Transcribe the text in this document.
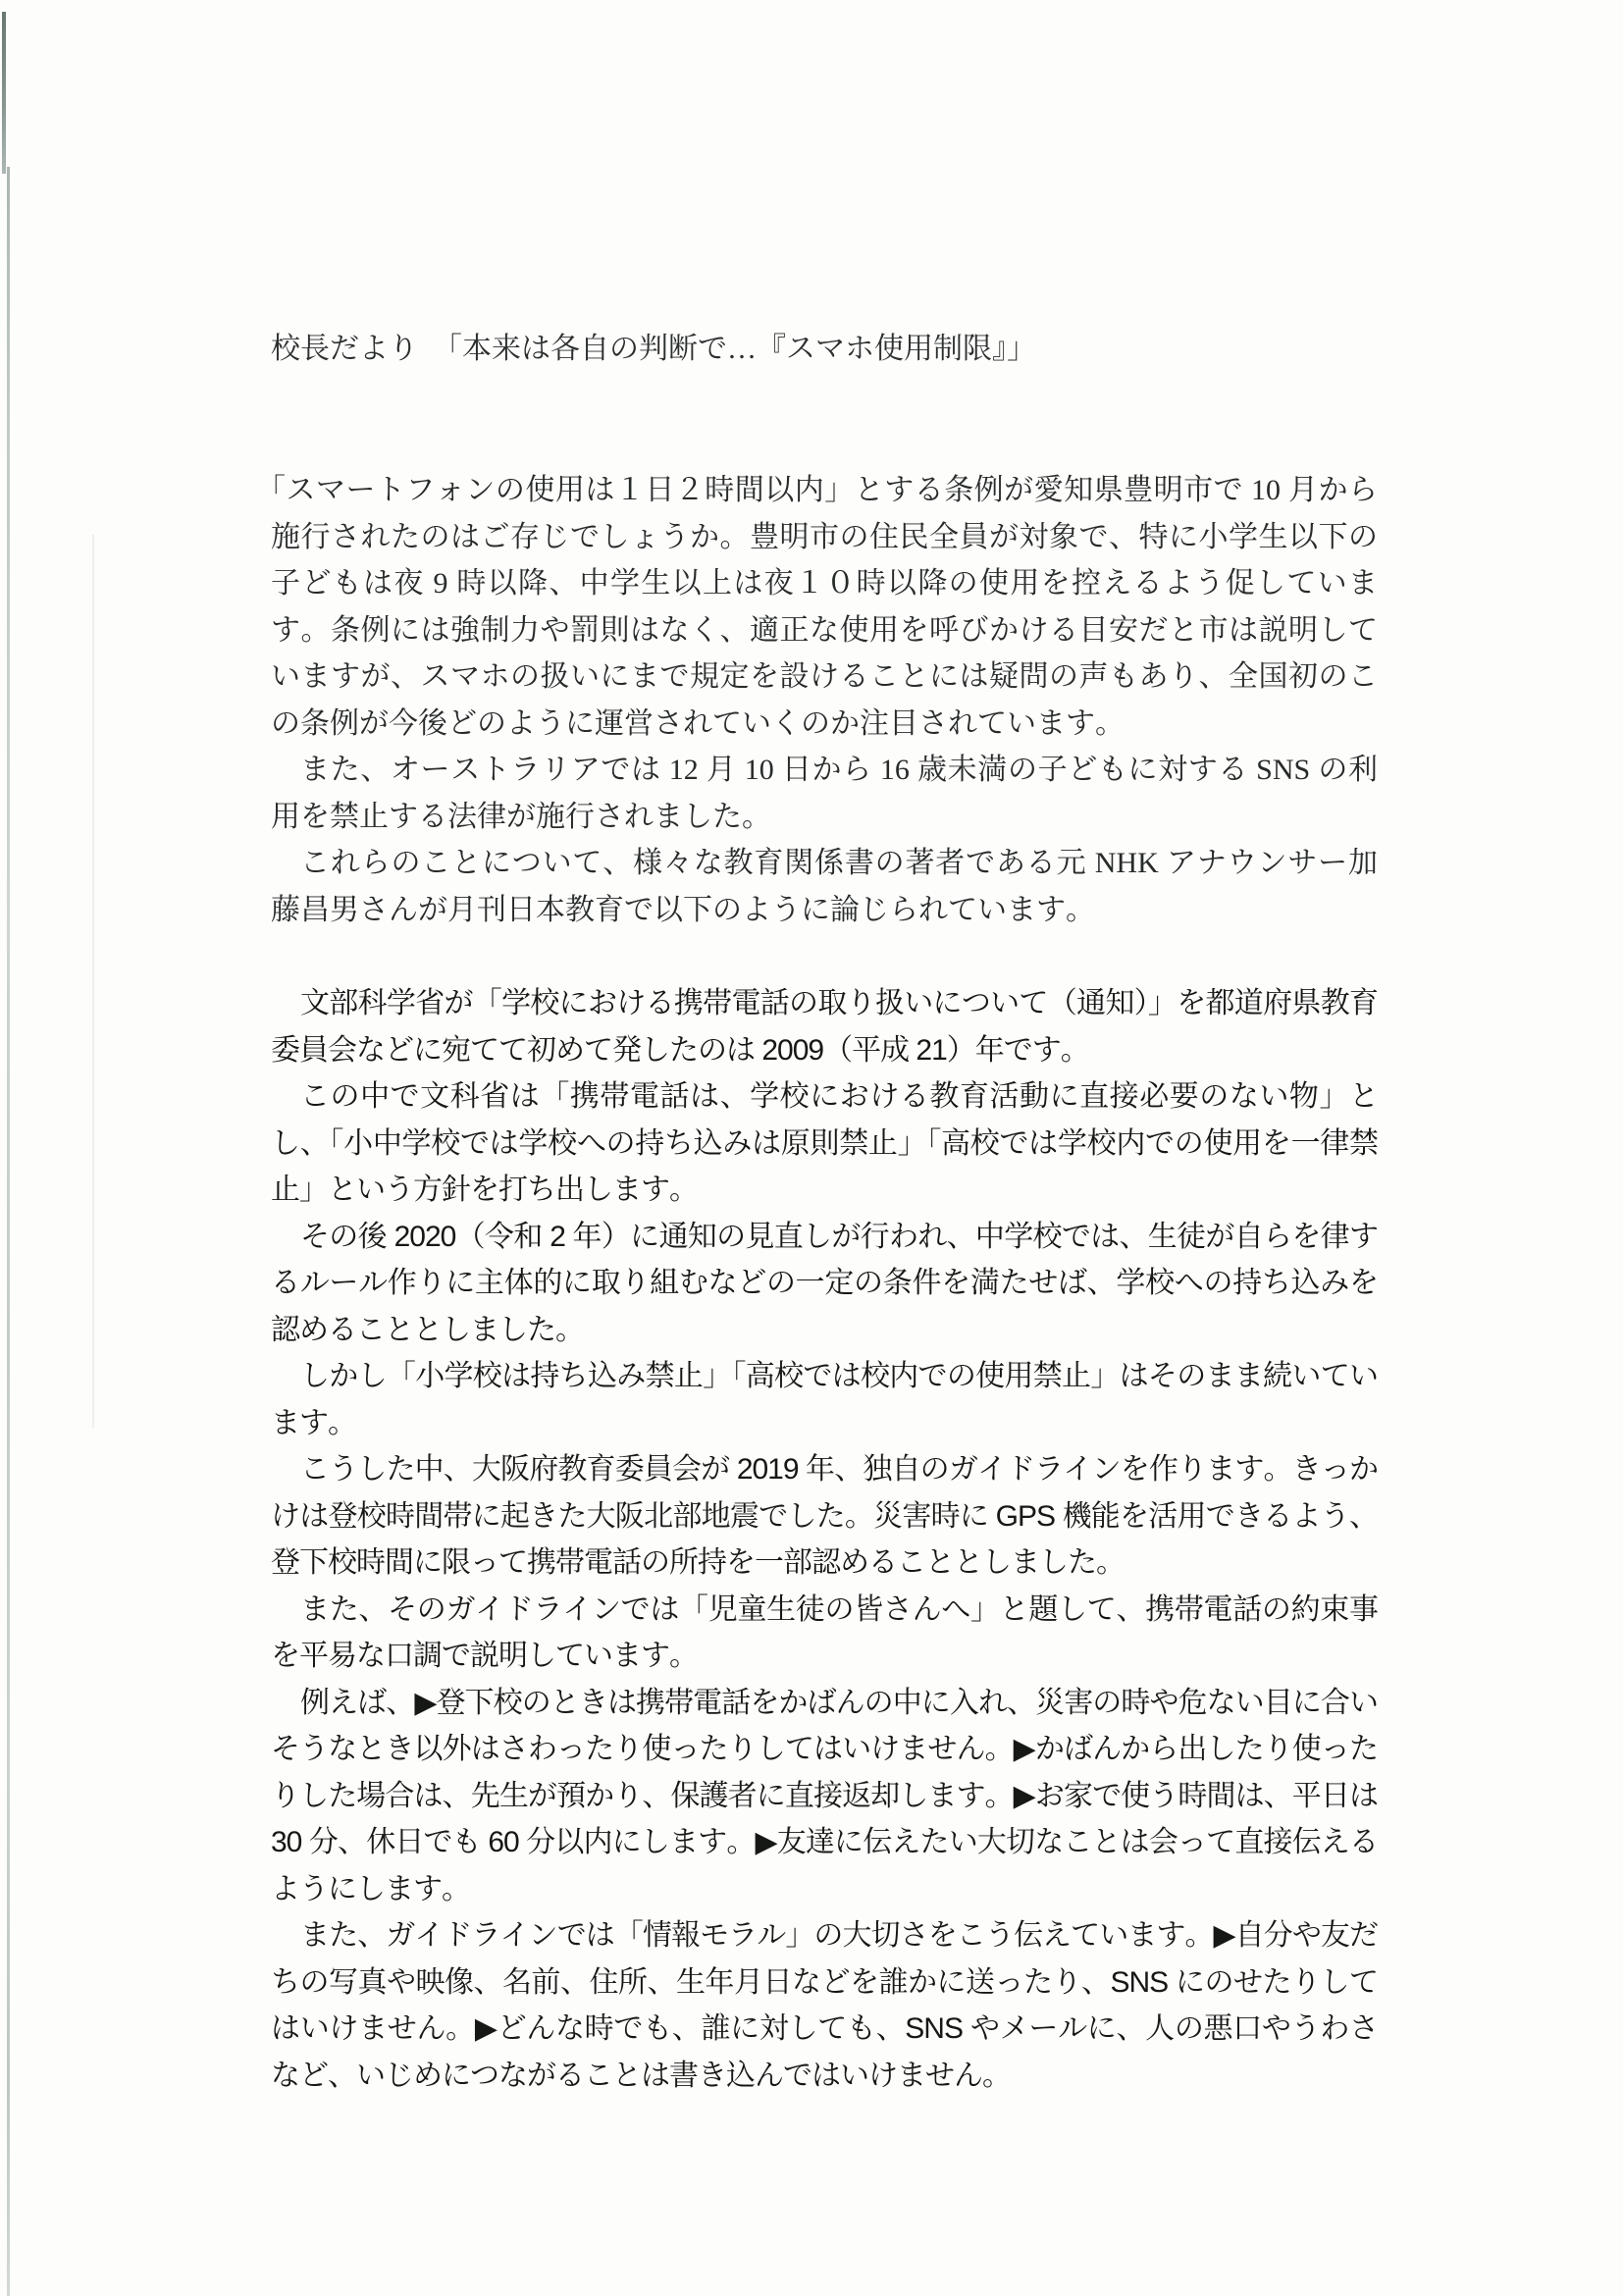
校長だより　「本来は各自の判断で…『スマホ使用制限』」

「スマートフォンの使用は１日２時間以内」とする条例が愛知県豊明市で 10 月から施行されたのはご存じでしょうか。豊明市の住民全員が対象で、特に小学生以下の子どもは夜 9 時以降、中学生以上は夜１０時以降の使用を控えるよう促しています。条例には強制力や罰則はなく、適正な使用を呼びかける目安だと市は説明していますが、スマホの扱いにまで規定を設けることには疑問の声もあり、全国初のこの条例が今後どのように運営されていくのか注目されています。

また、オーストラリアでは 12 月 10 日から 16 歳未満の子どもに対する SNS の利用を禁止する法律が施行されました。

これらのことについて、様々な教育関係書の著者である元 NHK アナウンサー加藤昌男さんが月刊日本教育で以下のように論じられています。

文部科学省が「学校における携帯電話の取り扱いについて（通知）」を都道府県教育委員会などに宛てて初めて発したのは 2009（平成 21）年です。

この中で文科省は「携帯電話は、学校における教育活動に直接必要のない物」とし、「小中学校では学校への持ち込みは原則禁止」「高校では学校内での使用を一律禁止」という方針を打ち出します。

その後 2020（令和 2 年）に通知の見直しが行われ、中学校では、生徒が自らを律するルール作りに主体的に取り組むなどの一定の条件を満たせば、学校への持ち込みを認めることとしました。

しかし「小学校は持ち込み禁止」「高校では校内での使用禁止」はそのまま続いています。

こうした中、大阪府教育委員会が 2019 年、独自のガイドラインを作ります。きっかけは登校時間帯に起きた大阪北部地震でした。災害時に GPS 機能を活用できるよう、登下校時間に限って携帯電話の所持を一部認めることとしました。

また、そのガイドラインでは「児童生徒の皆さんへ」と題して、携帯電話の約束事を平易な口調で説明しています。

例えば、▶登下校のときは携帯電話をかばんの中に入れ、災害の時や危ない目に合いそうなとき以外はさわったり使ったりしてはいけません。▶かばんから出したり使ったりした場合は、先生が預かり、保護者に直接返却します。▶お家で使う時間は、平日は 30 分、休日でも 60 分以内にします。▶友達に伝えたい大切なことは会って直接伝えるようにします。

また、ガイドラインでは「情報モラル」の大切さをこう伝えています。▶自分や友だちの写真や映像、名前、住所、生年月日などを誰かに送ったり、SNS にのせたりしてはいけません。▶どんな時でも、誰に対しても、SNS やメールに、人の悪口やうわさなど、いじめにつながることは書き込んではいけません。
